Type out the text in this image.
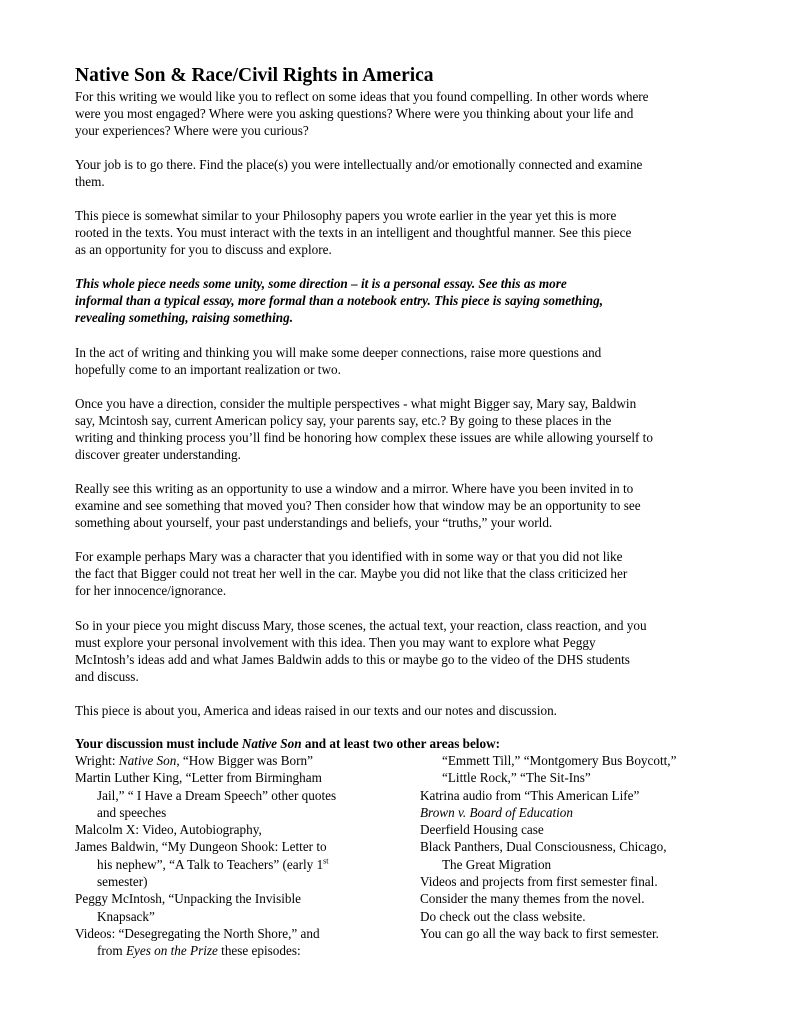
Native Son & Race/Civil Rights in America
For this writing we would like you to reflect on some ideas that you found compelling. In other words where
were you most engaged? Where were you asking questions? Where were you thinking about your life and
your experiences? Where were you curious?
Your job is to go there. Find the place(s) you were intellectually and/or emotionally connected and examine
them.
This piece is somewhat similar to your Philosophy papers you wrote earlier in the year yet this is more
rooted in the texts. You must interact with the texts in an intelligent and thoughtful manner. See this piece
as an opportunity for you to discuss and explore.
This whole piece needs some unity, some direction – it is a personal essay. See this as more
informal than a typical essay, more formal than a notebook entry. This piece is saying something,
revealing something, raising something.
In the act of writing and thinking you will make some deeper connections, raise more questions and
hopefully come to an important realization or two.
Once you have a direction, consider the multiple perspectives - what might Bigger say, Mary say, Baldwin
say, Mcintosh say, current American policy say, your parents say, etc.? By going to these places in the
writing and thinking process you’ll find be honoring how complex these issues are while allowing yourself to
discover greater understanding.
Really see this writing as an opportunity to use a window and a mirror. Where have you been invited in to
examine and see something that moved you? Then consider how that window may be an opportunity to see
something about yourself, your past understandings and beliefs, your “truths,” your world.
For example perhaps Mary was a character that you identified with in some way or that you did not like
the fact that Bigger could not treat her well in the car. Maybe you did not like that the class criticized her
for her innocence/ignorance.
So in your piece you might discuss Mary, those scenes, the actual text, your reaction, class reaction, and you
must explore your personal involvement with this idea. Then you may want to explore what Peggy
McIntosh’s ideas add and what James Baldwin adds to this or maybe go to the video of the DHS students
and discuss.
This piece is about you, America and ideas raised in our texts and our notes and discussion.
Your discussion must include Native Son and at least two other areas below:
Wright: Native Son, “How Bigger was Born”
Martin Luther King, “Letter from Birmingham
Jail,” “ I Have a Dream Speech” other quotes
and speeches
Malcolm X: Video, Autobiography,
James Baldwin, “My Dungeon Shook: Letter to
his nephew”, “A Talk to Teachers” (early 1st
semester)
Peggy McIntosh, “Unpacking the Invisible
Knapsack”
Videos: “Desegregating the North Shore,” and
from Eyes on the Prize these episodes:
“Emmett Till,” “Montgomery Bus Boycott,”
“Little Rock,” “The Sit-Ins”
Katrina audio from “This American Life”
Brown v. Board of Education
Deerfield Housing case
Black Panthers, Dual Consciousness, Chicago,
The Great Migration
Videos and projects from first semester final.
Consider the many themes from the novel.
Do check out the class website.
You can go all the way back to first semester.
